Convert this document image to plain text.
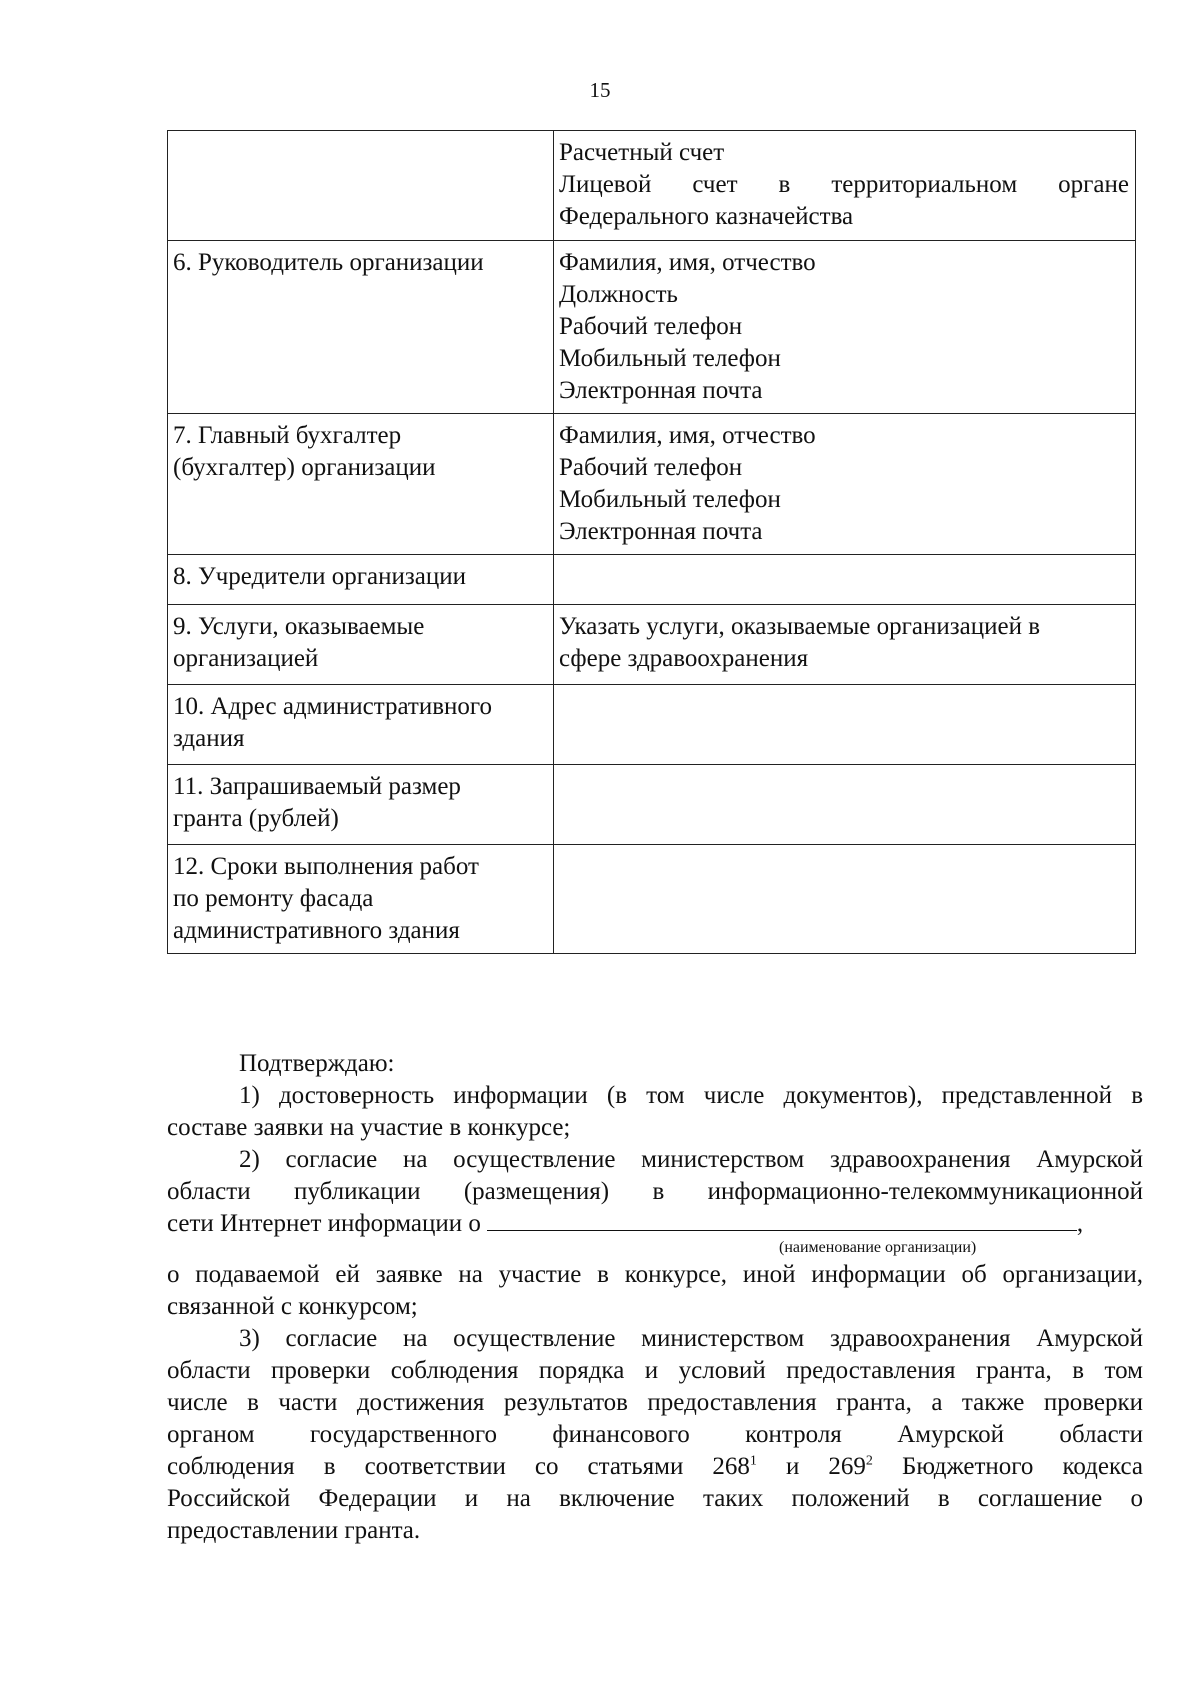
15

	Расчетный счет
Лицевой счет в территориальном органе
Федерального казначейства

6. Руководитель организации	Фамилия, имя, отчество
Должность
Рабочий телефон
Мобильный телефон
Электронная почта

7. Главный бухгалтер
(бухгалтер) организации	Фамилия, имя, отчество
Рабочий телефон
Мобильный телефон
Электронная почта

8. Учредители организации	

9. Услуги, оказываемые
организацией	Указать услуги, оказываемые организацией в
сфере здравоохранения

10. Адрес административного
здания	

11. Запрашиваемый размер
гранта (рублей)	

12. Сроки выполнения работ
по ремонту фасада
административного здания	

Подтверждаю:

1) достоверность информации (в том числе документов), представленной в
составе заявки на участие в конкурсе;

2) согласие на осуществление министерством здравоохранения Амурской
области публикации (размещения) в информационно-телекоммуникационной
сети Интернет информации о	,
(наименование организации)
о подаваемой ей заявке на участие в конкурсе, иной информации об организации,
связанной с конкурсом;

3) согласие на осуществление министерством здравоохранения Амурской
области проверки соблюдения порядка и условий предоставления гранта, в том
числе в части достижения результатов предоставления гранта, а также проверки
органом государственного финансового контроля Амурской области
соблюдения в соответствии со статьями $268^1$ и $269^2$ Бюджетного кодекса
Российской Федерации и на включение таких положений в соглашение о
предоставлении гранта.
